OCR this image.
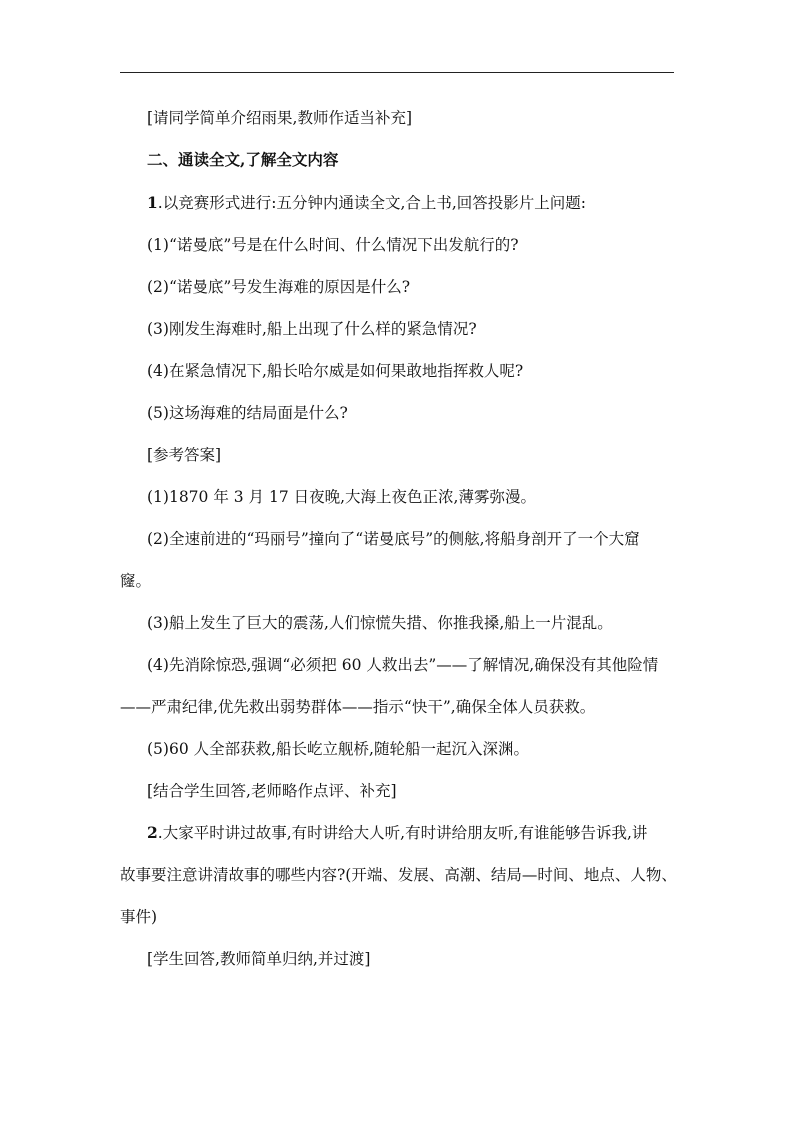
[请同学简单介绍雨果,教师作适当补充]
二、通读全文,了解全文内容
1.以竞赛形式进行:五分钟内通读全文,合上书,回答投影片上问题:
(1)“诺曼底”号是在什么时间、什么情况下出发航行的?
(2)“诺曼底”号发生海难的原因是什么?
(3)刚发生海难时,船上出现了什么样的紧急情况?
(4)在紧急情况下,船长哈尔威是如何果敢地指挥救人呢?
(5)这场海难的结局面是什么?
[参考答案]
(1)1870 年 3 月 17 日夜晚,大海上夜色正浓,薄雾弥漫。
(2)全速前进的“玛丽号”撞向了“诺曼底号”的侧舷,将船身剖开了一个大窟
窿。
(3)船上发生了巨大的震荡,人们惊慌失措、你推我搡,船上一片混乱。
(4)先消除惊恐,强调“必须把 60 人救出去”——了解情况,确保没有其他险情
——严肃纪律,优先救出弱势群体——指示“快干”,确保全体人员获救。
(5)60 人全部获救,船长屹立舰桥,随轮船一起沉入深渊。
[结合学生回答,老师略作点评、补充]
2.大家平时讲过故事,有时讲给大人听,有时讲给朋友听,有谁能够告诉我,讲
故事要注意讲清故事的哪些内容?(开端、发展、高潮、结局—时间、地点、人物、
事件)
[学生回答,教师简单归纳,并过渡]
